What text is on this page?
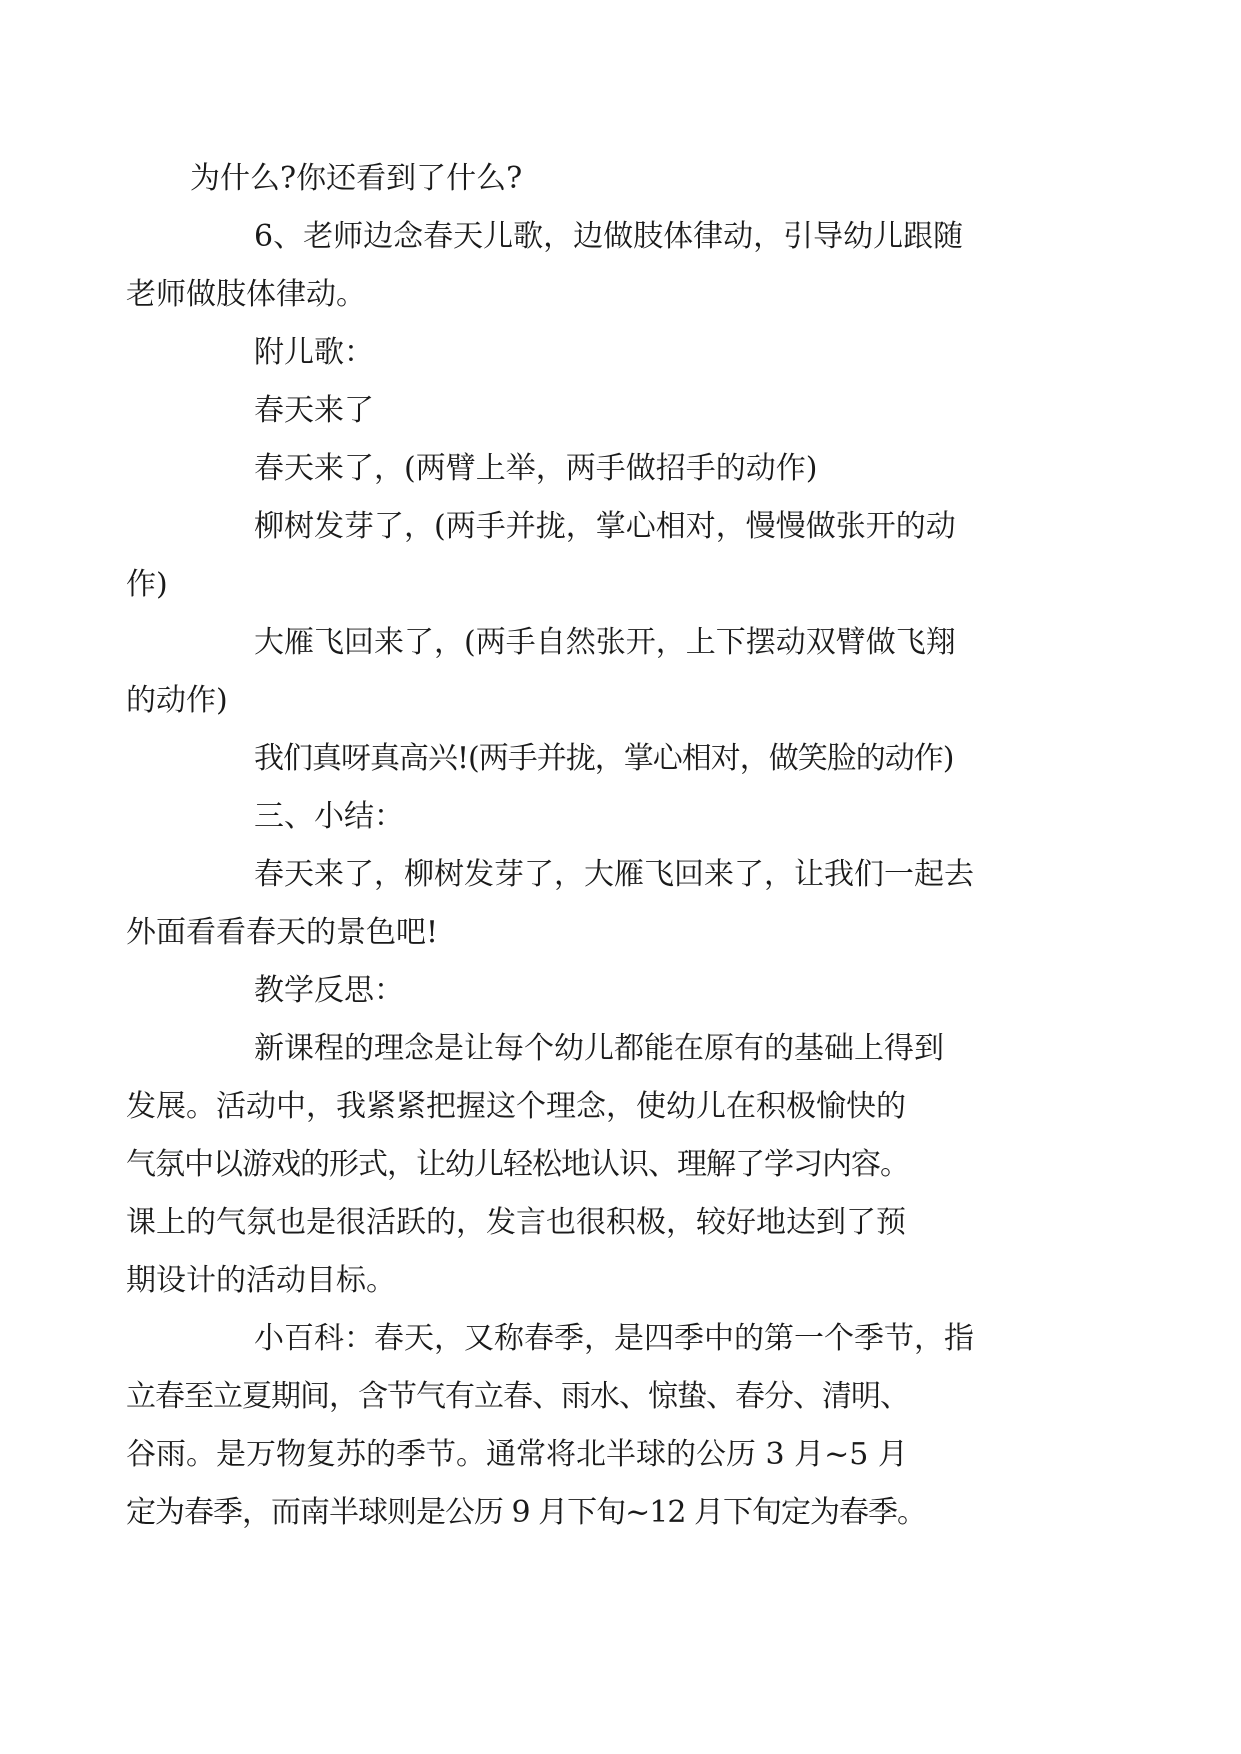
为什么?你还看到了什么?

6、老师边念春天儿歌，边做肢体律动，引导幼儿跟随
老师做肢体律动。

附儿歌：

春天来了

春天来了，(两臂上举，两手做招手的动作)

柳树发芽了，(两手并拢，掌心相对，慢慢做张开的动
作)

大雁飞回来了，(两手自然张开，上下摆动双臂做飞翔
的动作)

我们真呀真高兴!(两手并拢，掌心相对，做笑脸的动作)

三、小结：

春天来了，柳树发芽了，大雁飞回来了，让我们一起去
外面看看春天的景色吧!

教学反思：

新课程的理念是让每个幼儿都能在原有的基础上得到
发展。活动中，我紧紧把握这个理念，使幼儿在积极愉快的
气氛中以游戏的形式，让幼儿轻松地认识、理解了学习内容。
课上的气氛也是很活跃的，发言也很积极，较好地达到了预
期设计的活动目标。

小百科：春天，又称春季，是四季中的第一个季节，指
立春至立夏期间，含节气有立春、雨水、惊蛰、春分、清明、
谷雨。是万物复苏的季节。通常将北半球的公历 3 月~5 月
定为春季，而南半球则是公历 9 月下旬~12 月下旬定为春季。
